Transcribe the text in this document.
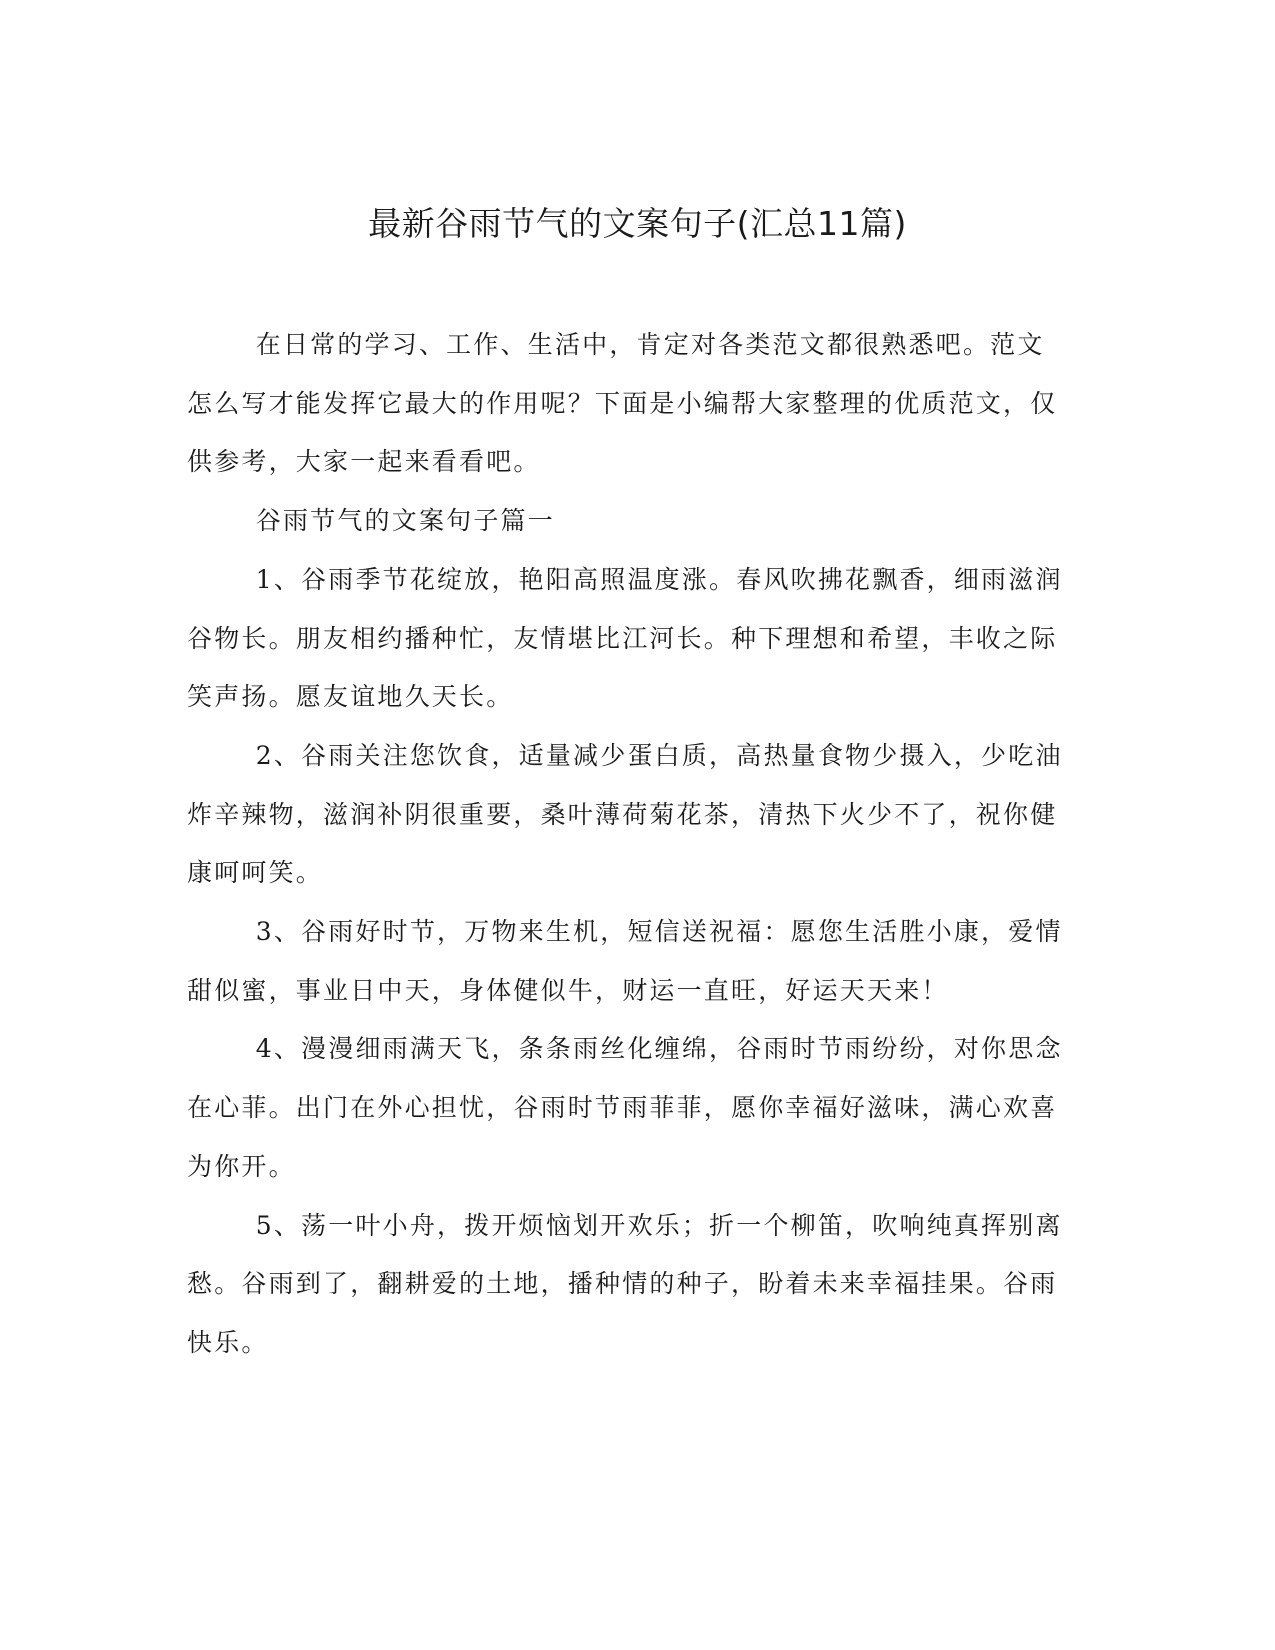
最新谷雨节气的文案句子(汇总11篇)

在日常的学习、工作、生活中，肯定对各类范文都很熟悉吧。范文怎么写才能发挥它最大的作用呢？下面是小编帮大家整理的优质范文，仅供参考，大家一起来看看吧。

谷雨节气的文案句子篇一

1、谷雨季节花绽放，艳阳高照温度涨。春风吹拂花飘香，细雨滋润谷物长。朋友相约播种忙，友情堪比江河长。种下理想和希望，丰收之际笑声扬。愿友谊地久天长。

2、谷雨关注您饮食，适量减少蛋白质，高热量食物少摄入，少吃油炸辛辣物，滋润补阴很重要，桑叶薄荷菊花茶，清热下火少不了，祝你健康呵呵笑。

3、谷雨好时节，万物来生机，短信送祝福：愿您生活胜小康，爱情甜似蜜，事业日中天，身体健似牛，财运一直旺，好运天天来！

4、漫漫细雨满天飞，条条雨丝化缠绵，谷雨时节雨纷纷，对你思念在心菲。出门在外心担忧，谷雨时节雨菲菲，愿你幸福好滋味，满心欢喜为你开。

5、荡一叶小舟，拨开烦恼划开欢乐；折一个柳笛，吹响纯真挥别离愁。谷雨到了，翻耕爱的土地，播种情的种子，盼着未来幸福挂果。谷雨快乐。
